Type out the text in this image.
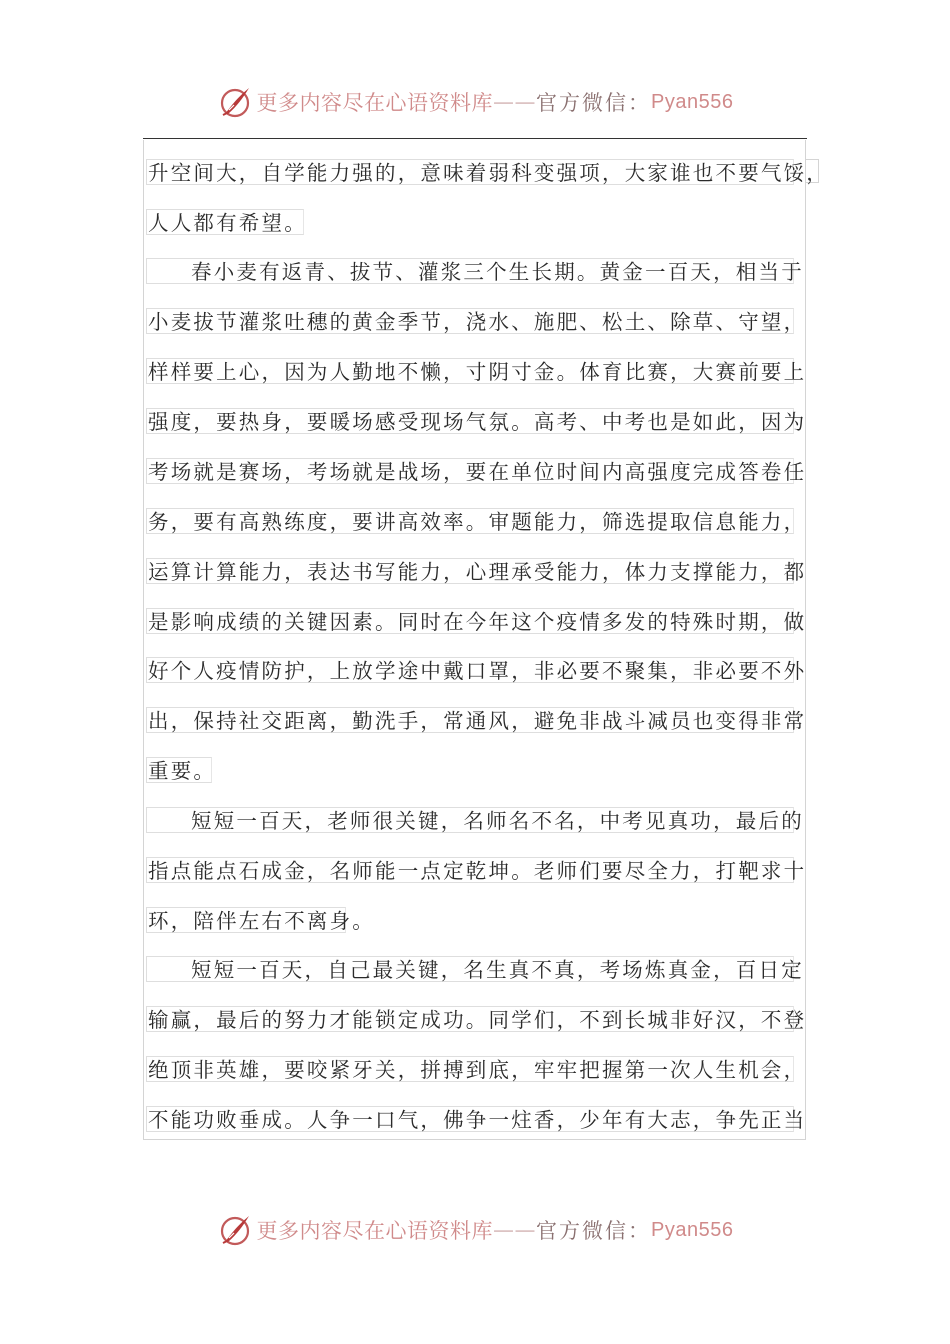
更多内容尽在心语资料库 —— 官方微信： Pyan556
升空间大，自学能力强的，意味着弱科变强项，大家谁也不要气馁，
人人都有希望。
春小麦有返青、拔节、灌浆三个生长期。黄金一百天，相当于
小麦拔节灌浆吐穗的黄金季节，浇水、施肥、松土、除草、守望，
样样要上心，因为人勤地不懒，寸阴寸金。体育比赛，大赛前要上
强度，要热身，要暖场感受现场气氛。高考、中考也是如此，因为
考场就是赛场，考场就是战场，要在单位时间内高强度完成答卷任
务，要有高熟练度，要讲高效率。审题能力，筛选提取信息能力，
运算计算能力，表达书写能力，心理承受能力，体力支撑能力，都
是影响成绩的关键因素。同时在今年这个疫情多发的特殊时期，做
好个人疫情防护，上放学途中戴口罩，非必要不聚集，非必要不外
出，保持社交距离，勤洗手，常通风，避免非战斗减员也变得非常
重要。
短短一百天，老师很关键，名师名不名，中考见真功，最后的
指点能点石成金，名师能一点定乾坤。老师们要尽全力，打靶求十
环，陪伴左右不离身。
短短一百天，自己最关键，名生真不真，考场炼真金，百日定
输赢，最后的努力才能锁定成功。同学们，不到长城非好汉，不登
绝顶非英雄，要咬紧牙关，拼搏到底，牢牢把握第一次人生机会，
不能功败垂成。人争一口气，佛争一炷香，少年有大志，争先正当
更多内容尽在心语资料库 —— 官方微信： Pyan556
